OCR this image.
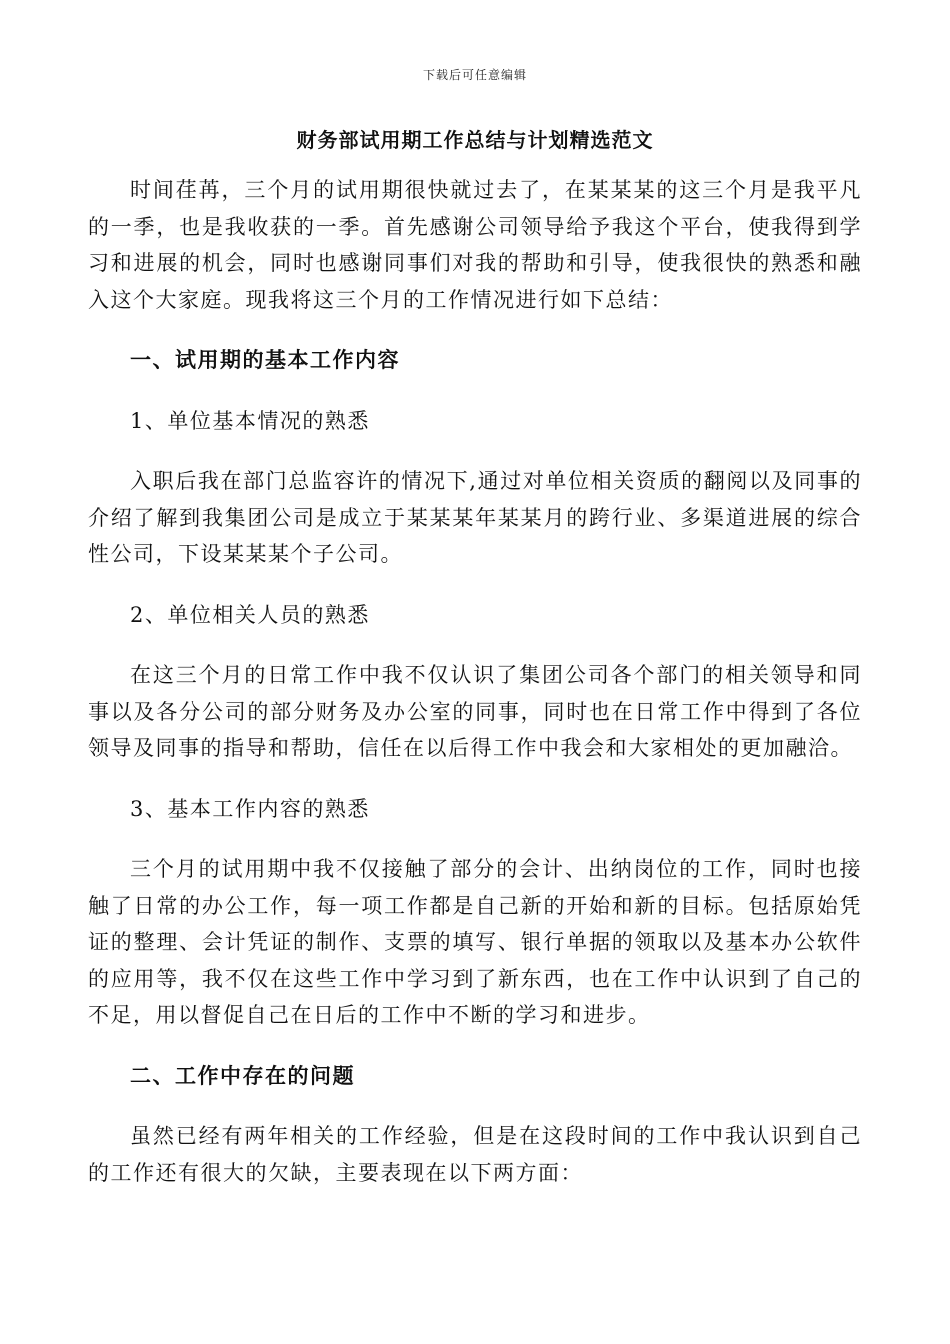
下载后可任意编辑
财务部试用期工作总结与计划精选范文

时间荏苒，三个月的试用期很快就过去了，在某某某的这三个月是我平凡的一季，也是我收获的一季。首先感谢公司领导给予我这个平台，使我得到学习和进展的机会，同时也感谢同事们对我的帮助和引导，使我很快的熟悉和融入这个大家庭。现我将这三个月的工作情况进行如下总结：

一、试用期的基本工作内容

1、单位基本情况的熟悉

入职后我在部门总监容许的情况下,通过对单位相关资质的翻阅以及同事的介绍了解到我集团公司是成立于某某某年某某月的跨行业、多渠道进展的综合性公司，下设某某某个子公司。

2、单位相关人员的熟悉

在这三个月的日常工作中我不仅认识了集团公司各个部门的相关领导和同事以及各分公司的部分财务及办公室的同事，同时也在日常工作中得到了各位领导及同事的指导和帮助，信任在以后得工作中我会和大家相处的更加融洽。

3、基本工作内容的熟悉

三个月的试用期中我不仅接触了部分的会计、出纳岗位的工作，同时也接触了日常的办公工作，每一项工作都是自己新的开始和新的目标。包括原始凭证的整理、会计凭证的制作、支票的填写、银行单据的领取以及基本办公软件的应用等，我不仅在这些工作中学习到了新东西，也在工作中认识到了自己的不足，用以督促自己在日后的工作中不断的学习和进步。

二、工作中存在的问题

虽然已经有两年相关的工作经验，但是在这段时间的工作中我认识到自己的工作还有很大的欠缺，主要表现在以下两方面：
